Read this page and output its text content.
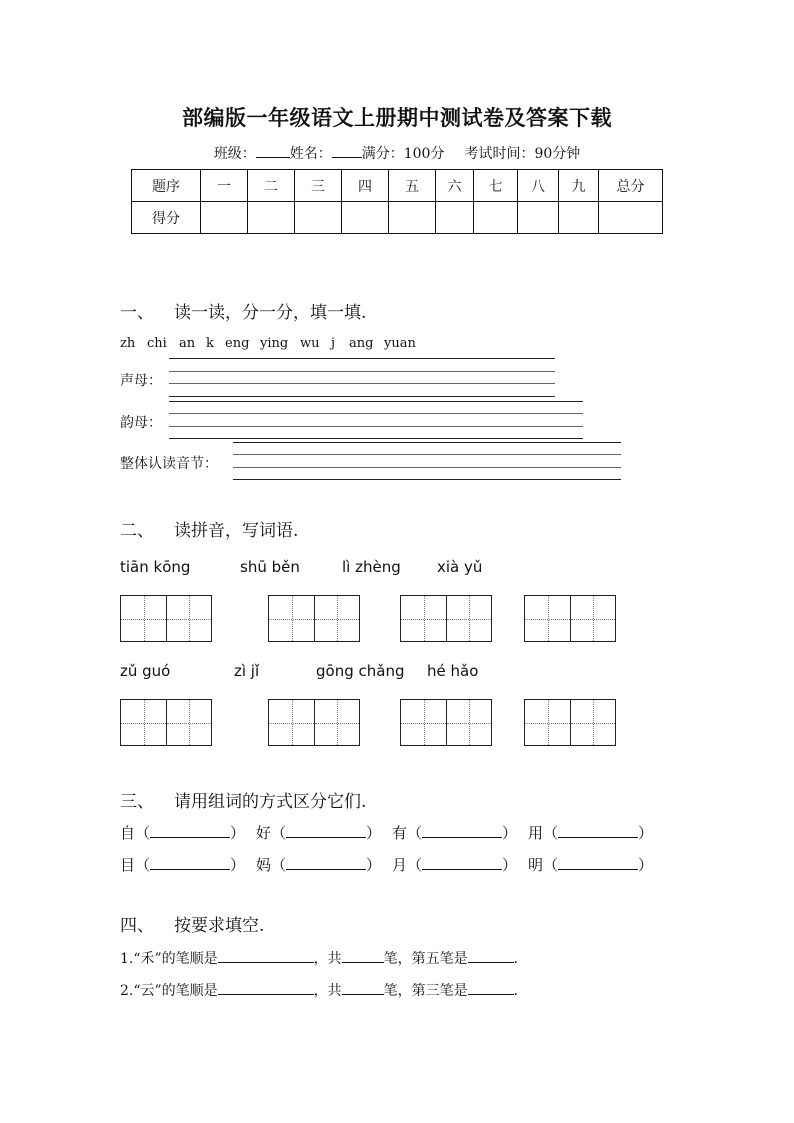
部编版一年级语文上册期中测试卷及答案下载
班级： 姓名： 满分：100分 考试时间：90分钟
题序	一	二	三	四	五	六	七	八	九	总分
得分										
一、 读一读，分一分，填一填.
zh chi an k eng ying wu j ang yuan
声母：
韵母：
整体认读音节：
二、 读拼音，写词语.
tiān kōng	shū běn	lì zhèng xià yǔ
zǔ guó	zì jǐ	gōng chǎng hé hǎo
三、 请用组词的方式区分它们.
自（	） 好（	） 有（	） 用（	）
目（	） 妈（	） 月（	） 明（	）
四、 按要求填空.
1.“禾”的笔顺是	，共	笔，第五笔是	.
2.“云”的笔顺是	，共	笔，第三笔是	.
